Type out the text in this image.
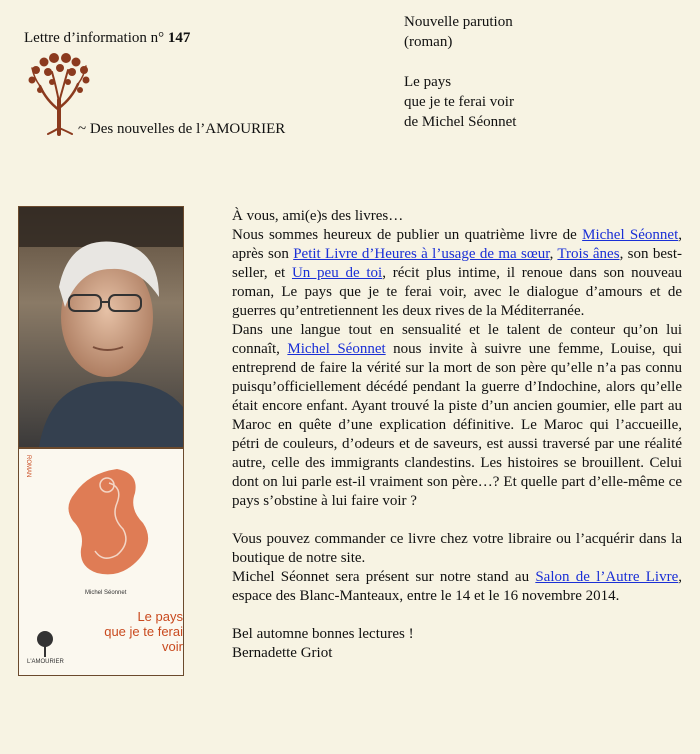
Lettre d’information n° 147
~ Des nouvelles de l’AMOURIER
Nouvelle parution
(roman)
Le pays
que je te ferai voir
de Michel Séonnet
ROMAN
Michel Séonnet
Le pays
que je te ferai voir
L'AMOURIER

À vous, ami(e)s des livres…

Nous sommes heureux de publier un quatrième livre de Michel Séonnet, après son Petit Livre d’Heures à l’usage de ma sœur, Trois ânes, son best-seller, et Un peu de toi, récit plus intime, il renoue dans son nouveau roman, Le pays que je te ferai voir, avec le dialogue d’amours et de guerres qu’entretiennent les deux rives de la Méditerranée.

Dans une langue tout en sensualité et le talent de conteur qu’on lui connaît, Michel Séonnet nous invite à suivre une femme, Louise, qui entreprend de faire la vérité sur la mort de son père qu’elle n’a pas connu puisqu’officiellement décédé pendant la guerre d’Indochine, alors qu’elle était encore enfant. Ayant trouvé la piste d’un ancien goumier, elle part au Maroc en quête d’une explication définitive. Le Maroc qui l’accueille, pétri de couleurs, d’odeurs et de saveurs, est aussi traversé par une réalité autre, celle des immigrants clandestins. Les histoires se brouillent. Celui dont on lui parle est-il vraiment son père…? Et quelle part d’elle-même ce pays s’obstine à lui faire voir ?

Vous pouvez commander ce livre chez votre libraire ou l’acquérir dans la boutique de notre site.

Michel Séonnet sera présent sur notre stand au Salon de l’Autre Livre, espace des Blanc-Manteaux, entre le 14 et le 16 novembre 2014.

Bel automne bonnes lectures !

Bernadette Griot
